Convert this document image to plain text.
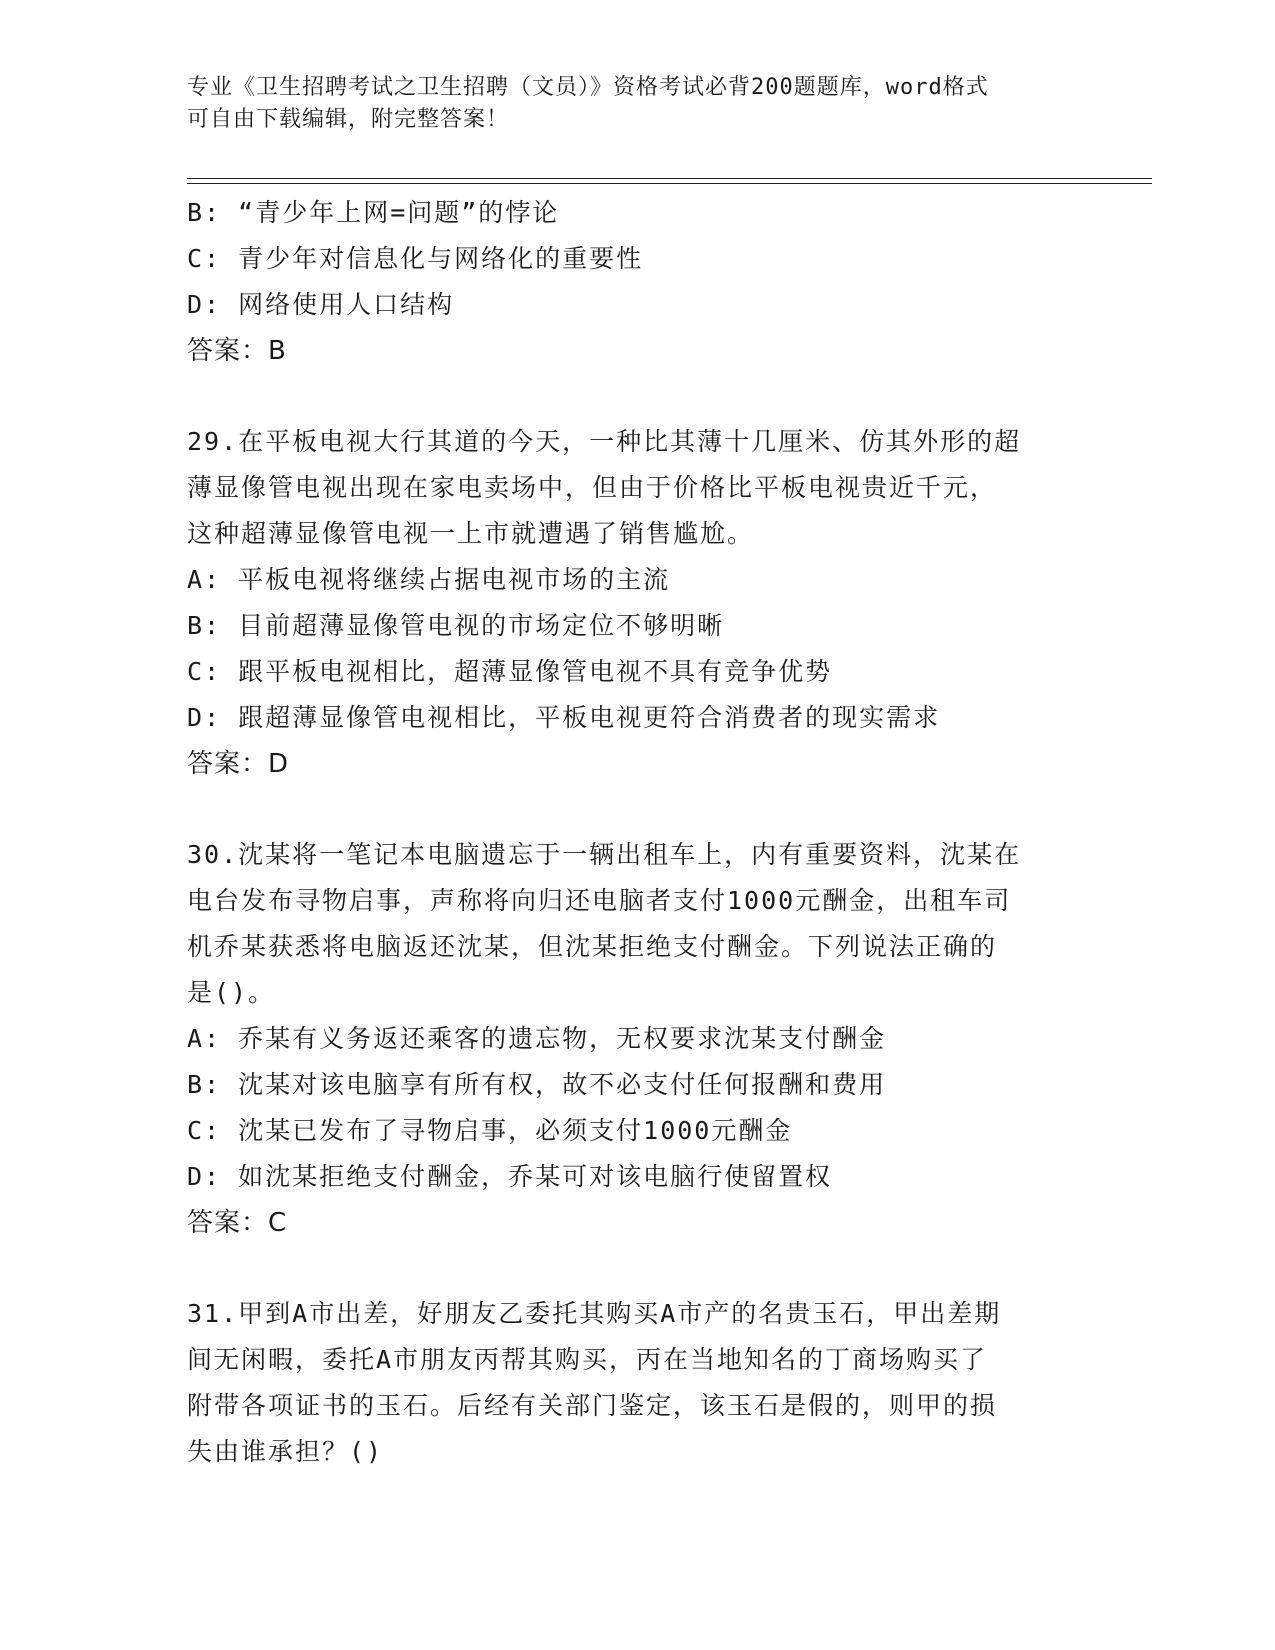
专业《卫生招聘考试之卫生招聘（文员）》资格考试必背200题题库，word格式
可自由下载编辑，附完整答案！
B: “青少年上网=问题”的悖论
C: 青少年对信息化与网络化的重要性
D: 网络使用人口结构
答案：B
29.在平板电视大行其道的今天，一种比其薄十几厘米、仿其外形的超
薄显像管电视出现在家电卖场中，但由于价格比平板电视贵近千元，
这种超薄显像管电视一上市就遭遇了销售尴尬。
A: 平板电视将继续占据电视市场的主流
B: 目前超薄显像管电视的市场定位不够明晰
C: 跟平板电视相比，超薄显像管电视不具有竞争优势
D: 跟超薄显像管电视相比，平板电视更符合消费者的现实需求
答案：D
30.沈某将一笔记本电脑遗忘于一辆出租车上，内有重要资料，沈某在
电台发布寻物启事，声称将向归还电脑者支付1000元酬金，出租车司
机乔某获悉将电脑返还沈某，但沈某拒绝支付酬金。下列说法正确的
是()。
A: 乔某有义务返还乘客的遗忘物，无权要求沈某支付酬金
B: 沈某对该电脑享有所有权，故不必支付任何报酬和费用
C: 沈某已发布了寻物启事，必须支付1000元酬金
D: 如沈某拒绝支付酬金，乔某可对该电脑行使留置权
答案：C
31.甲到A市出差，好朋友乙委托其购买A市产的名贵玉石，甲出差期
间无闲暇，委托A市朋友丙帮其购买，丙在当地知名的丁商场购买了
附带各项证书的玉石。后经有关部门鉴定，该玉石是假的，则甲的损
失由谁承担？()
